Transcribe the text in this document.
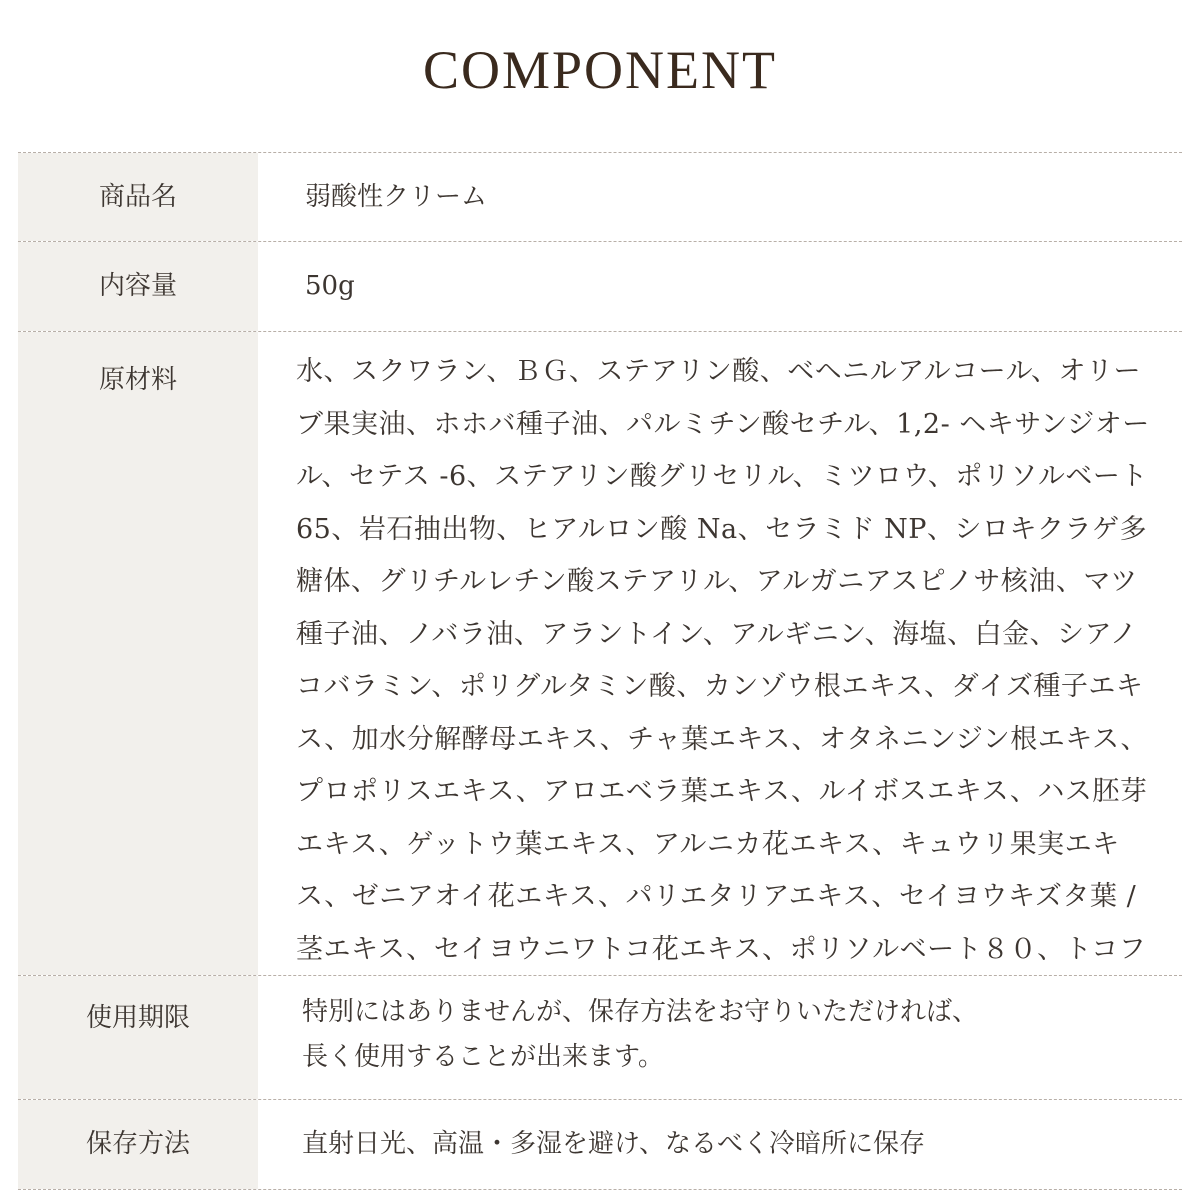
COMPONENT
商品名	弱酸性クリーム
内容量	50g
原材料	水、スクワラン、ＢＧ、ステアリン酸、ベヘニルアルコール、オリーブ果実油、ホホバ種子油、パルミチン酸セチル、1,2- ヘキサンジオール、セテス -6、ステアリン酸グリセリル、ミツロウ、ポリソルベート 65、岩石抽出物、ヒアルロン酸 Na、セラミド NP、シロキクラゲ多糖体、グリチルレチン酸ステアリル、アルガニアスピノサ核油、マツ種子油、ノバラ油、アラントイン、アルギニン、海塩、白金、シアノコバラミン、ポリグルタミン酸、カンゾウ根エキス、ダイズ種子エキス、加水分解酵母エキス、チャ葉エキス、オタネニンジン根エキス、プロポリスエキス、アロエベラ葉エキス、ルイボスエキス、ハス胚芽エキス、ゲットウ葉エキス、アルニカ花エキス、キュウリ果実エキス、ゼニアオイ花エキス、パリエタリアエキス、セイヨウキズタ葉 / 茎エキス、セイヨウニワトコ花エキス、ポリソルベート８０、トコフ
使用期限	特別にはありませんが、保存方法をお守りいただければ、
長く使用することが出来ます。
保存方法	直射日光、高温・多湿を避け、なるべく冷暗所に保存
